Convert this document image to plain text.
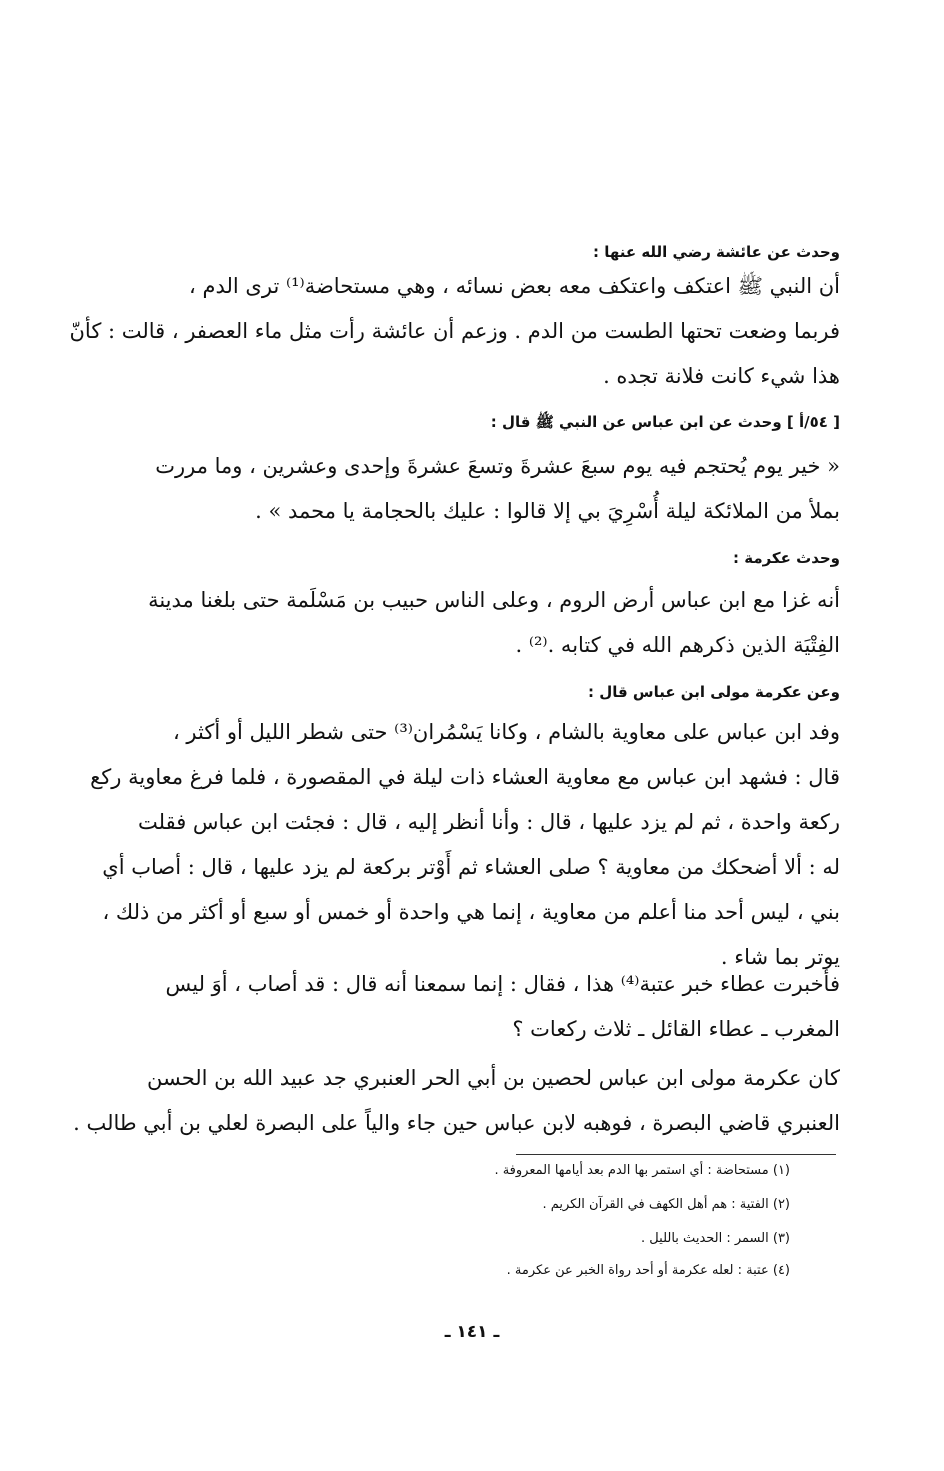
وحدث عن عائشة رضي الله عنها :
أن النبي ﷺ اعتكف واعتكف معه بعض نسائه ، وهي مستحاضة⁽¹⁾ ترى الدم ،
فربما وضعت تحتها الطست من الدم . وزعم أن عائشة رأت مثل ماء العصفر ، قالت : كأنّ
هذا شيء كانت فلانة تجده .
[ ٥٤/أ ] وحدث عن ابن عباس عن النبي ﷺ قال :
« خير يوم يُحتجم فيه يوم سبعَ عشرةَ وتسعَ عشرةَ وإحدى وعشرين ، وما مررت
بملأ من الملائكة ليلة أُسْرِيَ بي إلا قالوا : عليك بالحجامة يا محمد » .
وحدث عكرمة :
أنه غزا مع ابن عباس أرض الروم ، وعلى الناس حبيب بن مَسْلَمة حتى بلغنا مدينة
الفِتْيَة الذين ذكرهم الله في كتابه .⁽²⁾ .
وعن عكرمة مولى ابن عباس قال :
وفد ابن عباس على معاوية بالشام ، وكانا يَسْمُران⁽³⁾ حتى شطر الليل أو أكثر ،
قال : فشهد ابن عباس مع معاوية العشاء ذات ليلة في المقصورة ، فلما فرغ معاوية ركع
ركعة واحدة ، ثم لم يزد عليها ، قال : وأنا أنظر إليه ، قال : فجئت ابن عباس فقلت
له : ألا أضحكك من معاوية ؟ صلى العشاء ثم أَوْتر بركعة لم يزد عليها ، قال : أصاب أي
بني ، ليس أحد منا أعلم من معاوية ، إنما هي واحدة أو خمس أو سبع أو أكثر من ذلك ،
يوتر بما شاء .
فأخبرت عطاء خبر عتبة⁽⁴⁾ هذا ، فقال : إنما سمعنا أنه قال : قد أصاب ، أوَ ليس
المغرب ـ عطاء القائل ـ ثلاث ركعات ؟
كان عكرمة مولى ابن عباس لحصين بن أبي الحر العنبري جد عبيد الله بن الحسن
العنبري قاضي البصرة ، فوهبه لابن عباس حين جاء والياً على البصرة لعلي بن أبي طالب .
(١) مستحاضة : أي استمر بها الدم بعد أيامها المعروفة .
(٢) الفتية : هم أهل الكهف في القرآن الكريم .
(٣) السمر : الحديث بالليل .
(٤) عتبة : لعله عكرمة أو أحد رواة الخبر عن عكرمة .
ـ ١٤١ ـ
